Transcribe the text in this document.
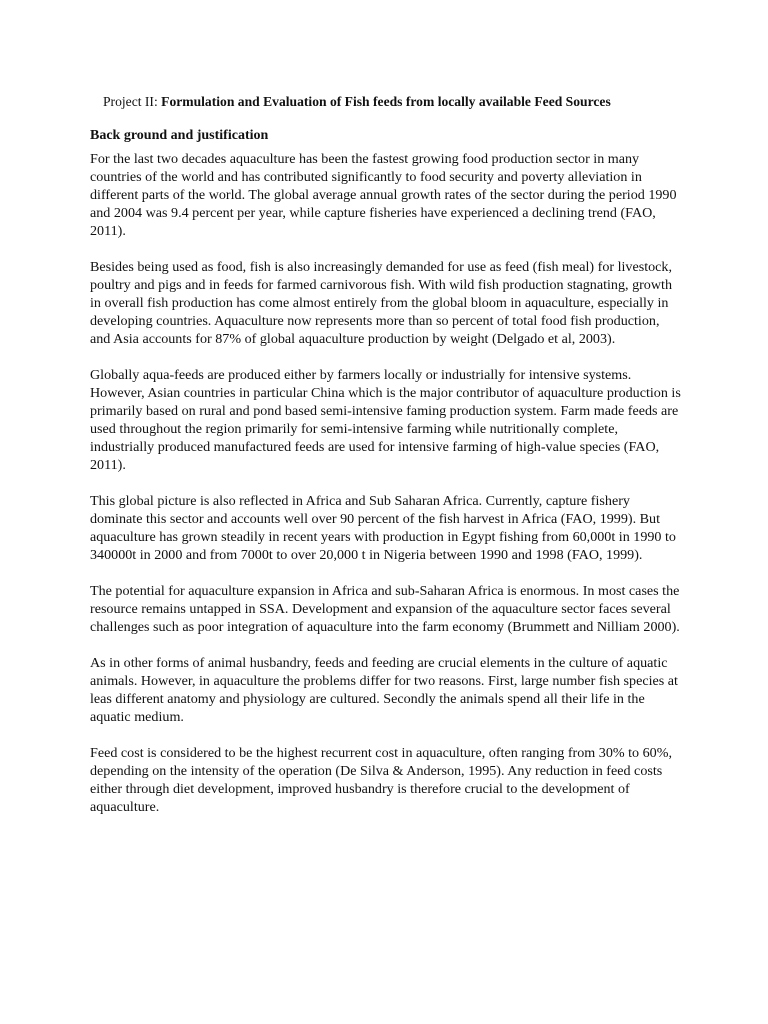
Project II: Formulation and Evaluation of Fish feeds from locally available Feed Sources
Back ground and justification

For the last two decades aquaculture has been the fastest growing food production sector in many countries of the world and has contributed significantly to food security and poverty alleviation in different parts of the world. The global average annual growth rates of the sector during the period 1990 and 2004 was 9.4 percent per year, while capture fisheries have experienced a declining trend (FAO, 2011).

Besides being used as food, fish is also increasingly demanded for use as feed (fish meal) for livestock, poultry and pigs and in feeds for farmed carnivorous fish. With wild fish production stagnating, growth in overall fish production has come almost entirely from the global bloom in aquaculture, especially in developing countries. Aquaculture now represents more than so percent of total food fish production, and Asia accounts for 87% of global aquaculture production by weight (Delgado et al, 2003).

Globally aqua-feeds are produced either by farmers locally or industrially for intensive systems. However, Asian countries in particular China which is the major contributor of aquaculture production is primarily based on rural and pond based semi-intensive faming production system. Farm made feeds are used throughout the region primarily for semi-intensive farming while nutritionally complete, industrially produced manufactured feeds are used for intensive farming of high-value species (FAO, 2011).

This global picture is also reflected in Africa and Sub Saharan Africa. Currently, capture fishery dominate this sector and accounts well over 90 percent of the fish harvest in Africa (FAO, 1999). But aquaculture has grown steadily in recent years with production in Egypt fishing from 60,000t in 1990 to 340000t in 2000 and from 7000t to over 20,000 t in Nigeria between 1990 and 1998 (FAO, 1999).

The potential for aquaculture expansion in Africa and sub-Saharan Africa is enormous. In most cases the resource remains untapped in SSA. Development and expansion of the aquaculture sector faces several challenges such as poor integration of aquaculture into the farm economy (Brummett and Nilliam 2000).

As in other forms of animal husbandry, feeds and feeding are crucial elements in the culture of aquatic animals. However, in aquaculture the problems differ for two reasons. First, large number fish species at leas different anatomy and physiology are cultured. Secondly the animals spend all their life in the aquatic medium.

Feed cost is considered to be the highest recurrent cost in aquaculture, often ranging from 30% to 60%, depending on the intensity of the operation (De Silva & Anderson, 1995). Any reduction in feed costs either through diet development, improved husbandry is therefore crucial to the development of aquaculture.
